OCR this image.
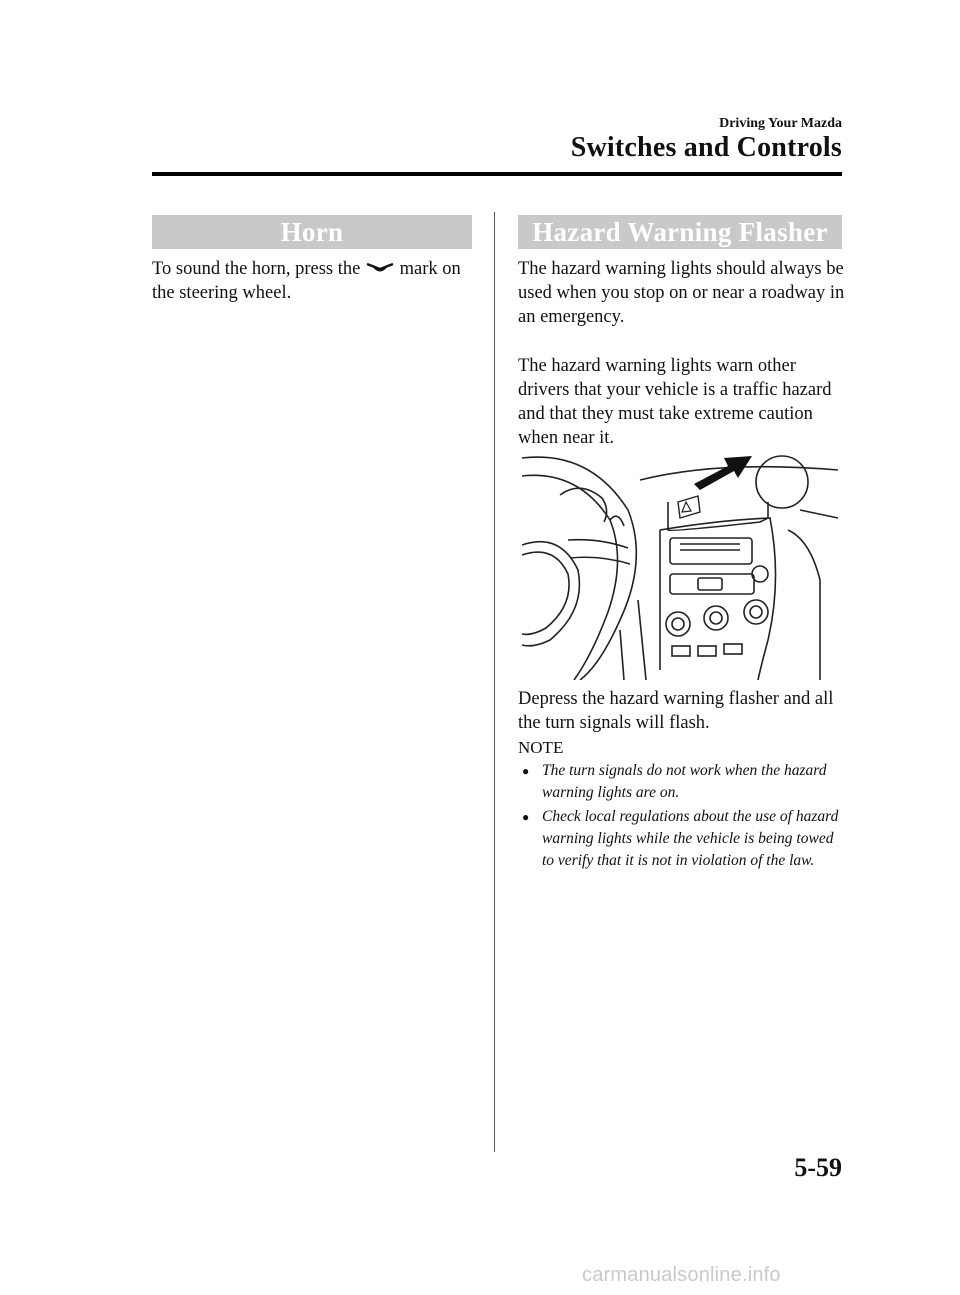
Driving Your Mazda
Switches and Controls
Horn
To sound the horn, press the mark on the steering wheel.
Hazard Warning Flasher
The hazard warning lights should always be used when you stop on or near a roadway in an emergency.
The hazard warning lights warn other drivers that your vehicle is a traffic hazard and that they must take extreme caution when near it.
Depress the hazard warning flasher and all the turn signals will flash.
NOTE
● The turn signals do not work when the hazard warning lights are on.
● Check local regulations about the use of hazard warning lights while the vehicle is being towed to verify that it is not in violation of the law.
5-59
carmanualsonline.info
